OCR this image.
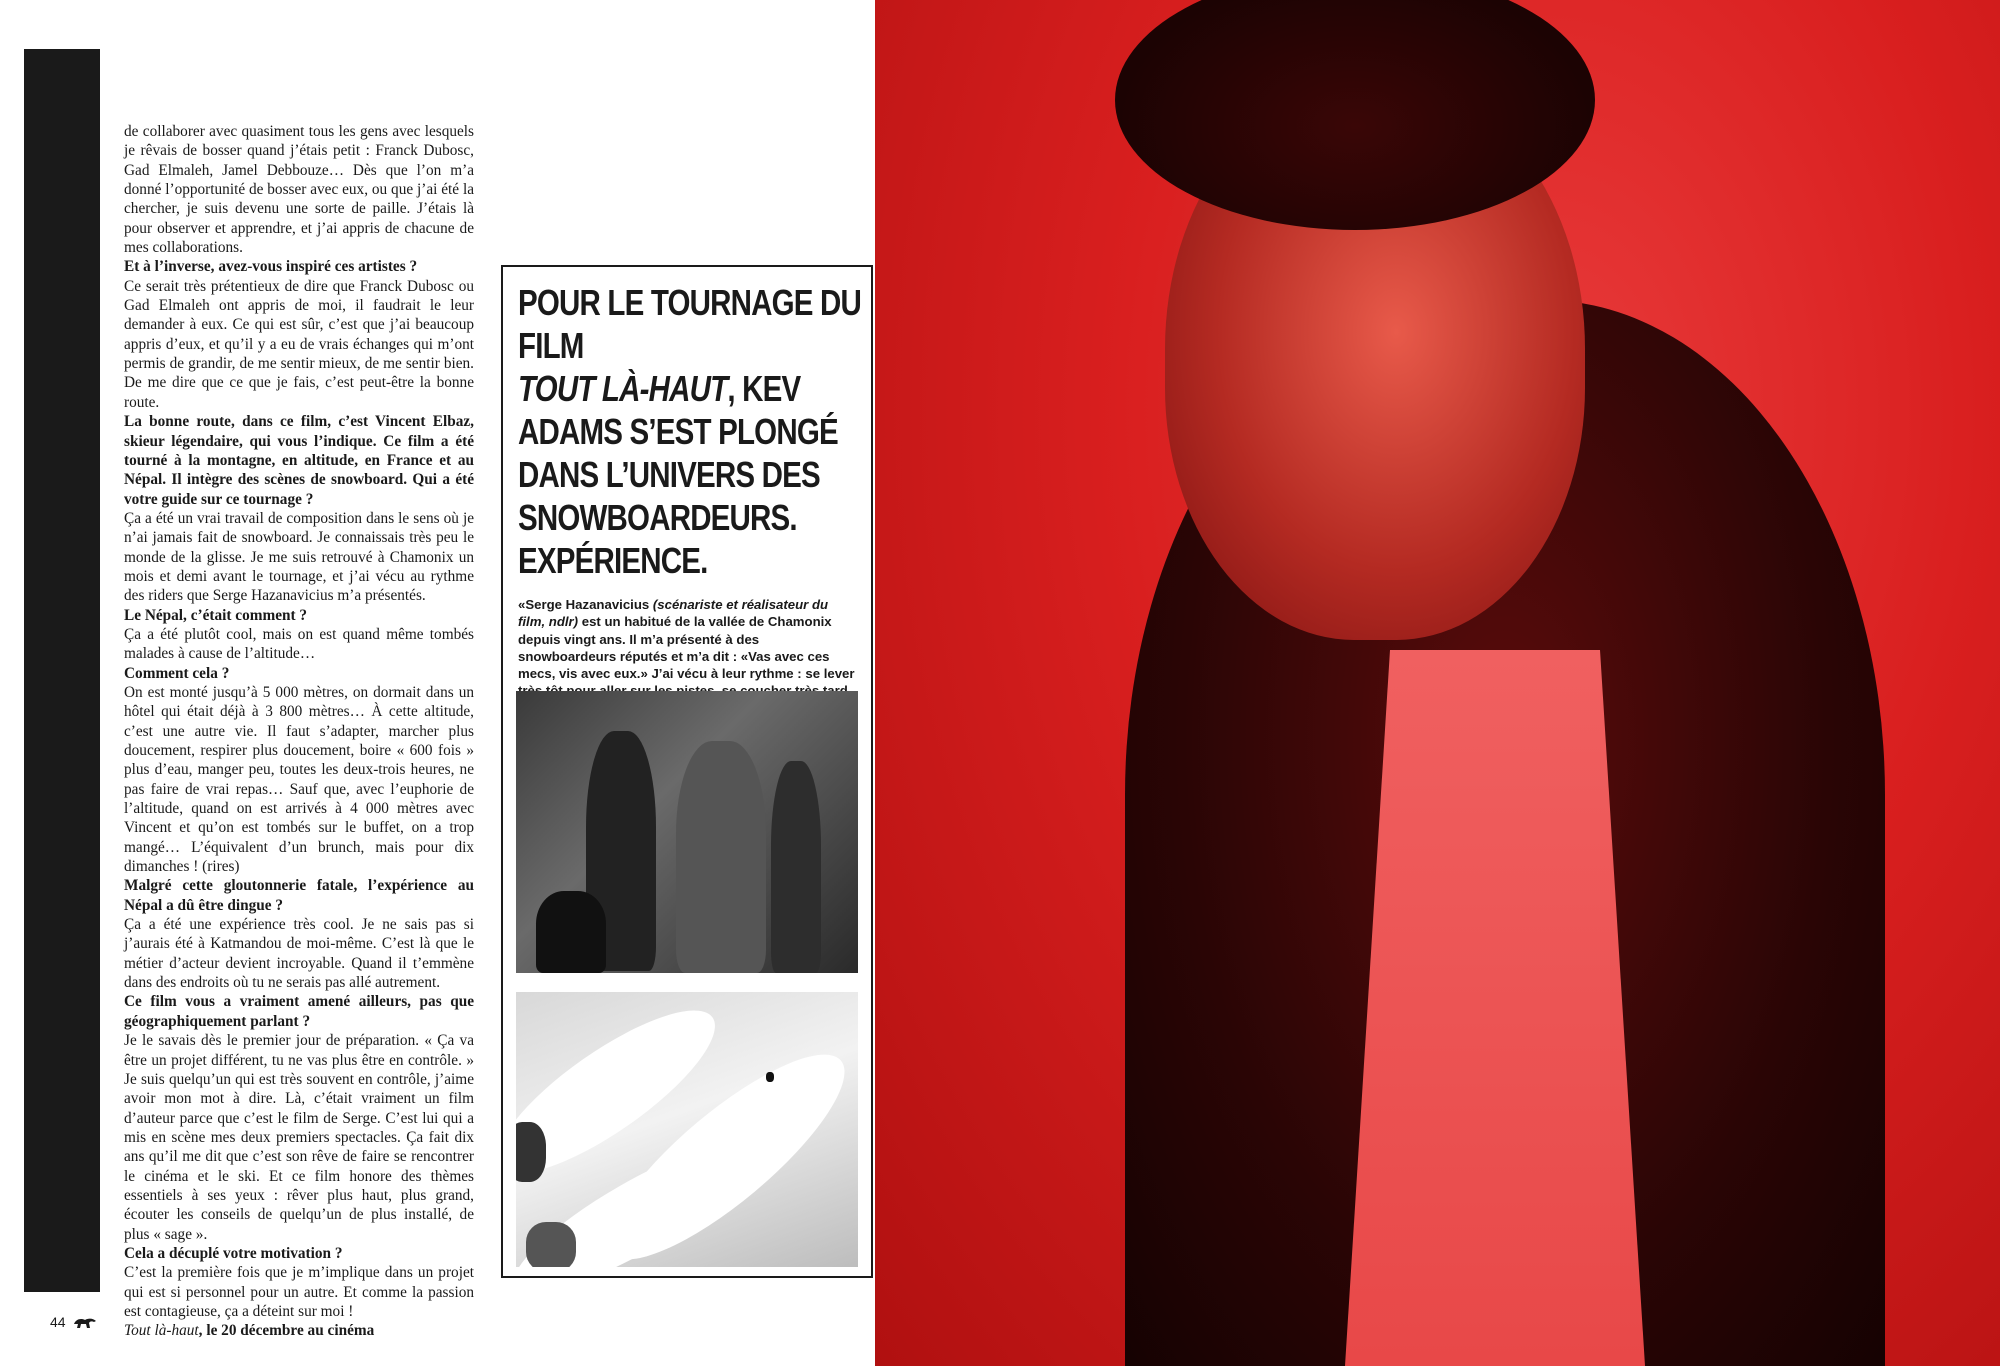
de collaborer avec quasiment tous les gens avec lesquels je rêvais de bosser quand j’étais petit : Franck Dubosc, Gad Elmaleh, Jamel Debbouze… Dès que l’on m’a donné l’opportunité de bosser avec eux, ou que j’ai été la chercher, je suis devenu une sorte de paille. J’étais là pour observer et apprendre, et j’ai appris de chacune de mes collaborations.

Et à l’inverse, avez-vous inspiré ces artistes ?

Ce serait très prétentieux de dire que Franck Dubosc ou Gad Elmaleh ont appris de moi, il faudrait le leur demander à eux. Ce qui est sûr, c’est que j’ai beaucoup appris d’eux, et qu’il y a eu de vrais échanges qui m’ont permis de grandir, de me sentir mieux, de me sentir bien. De me dire que ce que je fais, c’est peut-être la bonne route.

La bonne route, dans ce film, c’est Vincent Elbaz, skieur légendaire, qui vous l’indique. Ce film a été tourné à la montagne, en altitude, en France et au Népal. Il intègre des scènes de snowboard. Qui a été votre guide sur ce tournage ?

Ça a été un vrai travail de composition dans le sens où je n’ai jamais fait de snowboard. Je connaissais très peu le monde de la glisse. Je me suis retrouvé à Chamonix un mois et demi avant le tournage, et j’ai vécu au rythme des riders que Serge Hazanavicius m’a présentés.

Le Népal, c’était comment ?

Ça a été plutôt cool, mais on est quand même tombés malades à cause de l’altitude…

Comment cela ?

On est monté jusqu’à 5 000 mètres, on dormait dans un hôtel qui était déjà à 3 800 mètres… À cette altitude, c’est une autre vie. Il faut s’adapter, marcher plus doucement, respirer plus doucement, boire « 600 fois » plus d’eau, manger peu, toutes les deux-trois heures, ne pas faire de vrai repas… Sauf que, avec l’euphorie de l’altitude, quand on est arrivés à 4 000 mètres avec Vincent et qu’on est tombés sur le buffet, on a trop mangé… L’équivalent d’un brunch, mais pour dix dimanches ! (rires)

Malgré cette gloutonnerie fatale, l’expérience au Népal a dû être dingue ?

Ça a été une expérience très cool. Je ne sais pas si j’aurais été à Katmandou de moi-même. C’est là que le métier d’acteur devient incroyable. Quand il t’emmène dans des endroits où tu ne serais pas allé autrement.

Ce film vous a vraiment amené ailleurs, pas que géographiquement parlant ?

Je le savais dès le premier jour de préparation. « Ça va être un projet différent, tu ne vas plus être en contrôle. » Je suis quelqu’un qui est très souvent en contrôle, j’aime avoir mon mot à dire. Là, c’était vraiment un film d’auteur parce que c’est le film de Serge. C’est lui qui a mis en scène mes deux premiers spectacles. Ça fait dix ans qu’il me dit que c’est son rêve de faire se rencontrer le cinéma et le ski. Et ce film honore des thèmes essentiels à ses yeux : rêver plus haut, plus grand, écouter les conseils de quelqu’un de plus installé, de plus « sage ».

Cela a décuplé votre motivation ?

C’est la première fois que je m’implique dans un projet qui est si personnel pour un autre. Et comme la passion est contagieuse, ça a déteint sur moi !

Tout là-haut, le 20 décembre au cinéma

44
POUR LE TOURNAGE DU FILM
TOUT LÀ-HAUT, KEV ADAMS S’EST PLONGÉ DANS L’UNIVERS DES SNOWBOARDEURS. EXPÉRIENCE.
«Serge Hazanavicius (scénariste et réalisateur du film, ndlr) est un habitué de la vallée de Chamonix depuis vingt ans. Il m’a présenté à des snowboardeurs réputés et m’a dit : «Vas avec ces mecs, vis avec eux.» J’ai vécu à leur rythme : se lever
